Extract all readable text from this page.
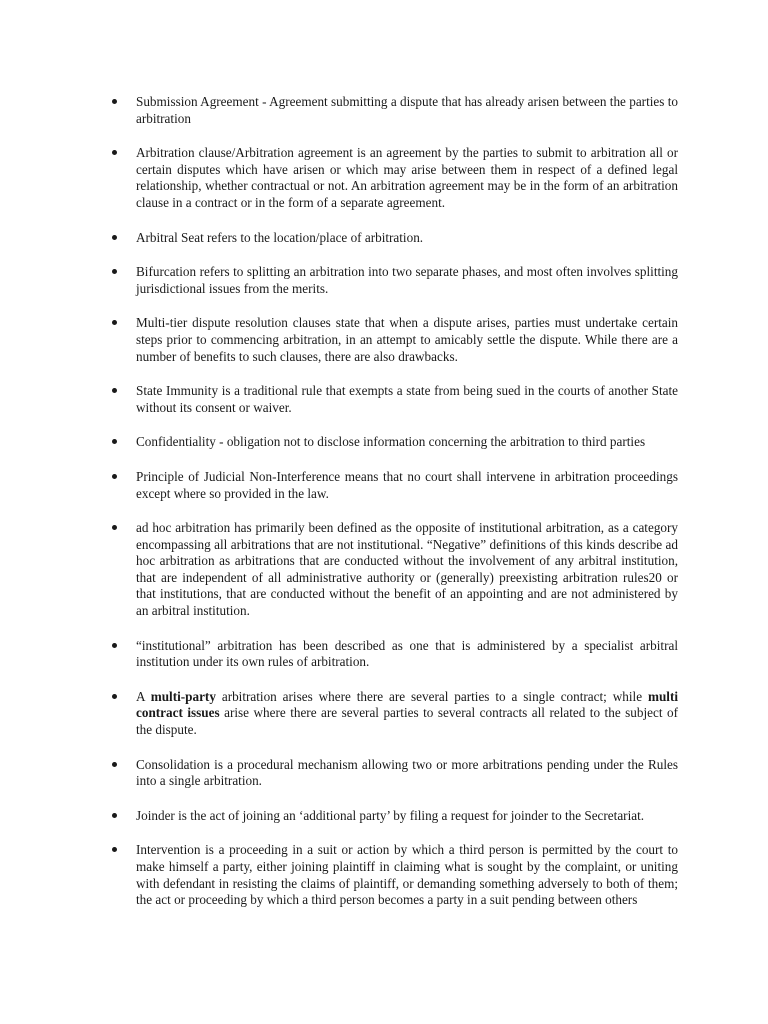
Submission Agreement - Agreement submitting a dispute that has already arisen between the parties to arbitration
Arbitration clause/Arbitration agreement is an agreement by the parties to submit to arbitration all or certain disputes which have arisen or which may arise between them in respect of a defined legal relationship, whether contractual or not. An arbitration agreement may be in the form of an arbitration clause in a contract or in the form of a separate agreement.
Arbitral Seat refers to the location/place of arbitration.
Bifurcation refers to splitting an arbitration into two separate phases, and most often involves splitting jurisdictional issues from the merits.
Multi-tier dispute resolution clauses state that when a dispute arises, parties must undertake certain steps prior to commencing arbitration, in an attempt to amicably settle the dispute. While there are a number of benefits to such clauses, there are also drawbacks.
State Immunity is a traditional rule that exempts a state from being sued in the courts of another State without its consent or waiver.
Confidentiality - obligation not to disclose information concerning the arbitration to third parties
Principle of Judicial Non-Interference means that no court shall intervene in arbitration proceedings except where so provided in the law.
ad hoc arbitration has primarily been defined as the opposite of institutional arbitration, as a category encompassing all arbitrations that are not institutional. “Negative” definitions of this kinds describe ad hoc arbitration as arbitrations that are conducted without the involvement of any arbitral institution, that are independent of all administrative authority or (generally) preexisting arbitration rules20 or that institutions, that are conducted without the benefit of an appointing and are not administered by an arbitral institution.
“institutional” arbitration has been described as one that is administered by a specialist arbitral institution under its own rules of arbitration.
A multi-party arbitration arises where there are several parties to a single contract; while multi contract issues arise where there are several parties to several contracts all related to the subject of the dispute.
Consolidation is a procedural mechanism allowing two or more arbitrations pending under the Rules into a single arbitration.
Joinder is the act of joining an ‘additional party’ by filing a request for joinder to the Secretariat.
Intervention is a proceeding in a suit or action by which a third person is permitted by the court to make himself a party, either joining plaintiff in claiming what is sought by the complaint, or uniting with defendant in resisting the claims of plaintiff, or demanding something adversely to both of them; the act or proceeding by which a third person becomes a party in a suit pending between others
